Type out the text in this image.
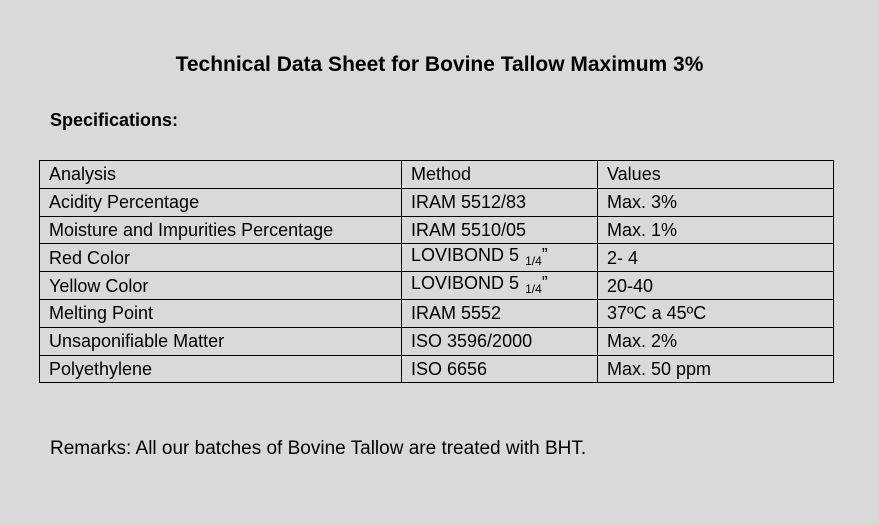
Technical Data Sheet for Bovine Tallow Maximum 3%
Specifications:
Analysis	Method	Values
Acidity Percentage	IRAM 5512/83	Max. 3%
Moisture and Impurities Percentage	IRAM 5510/05	Max. 1%
Red Color	LOVIBOND 5 $_{1/4}$”	2- 4
Yellow Color	LOVIBOND 5 $_{1/4}$”	20-40
Melting Point	IRAM 5552	37ºC a 45ºC
Unsaponifiable Matter	ISO 3596/2000	Max. 2%
Polyethylene	ISO 6656	Max. 50 ppm
Remarks: All our batches of Bovine Tallow are treated with BHT.
